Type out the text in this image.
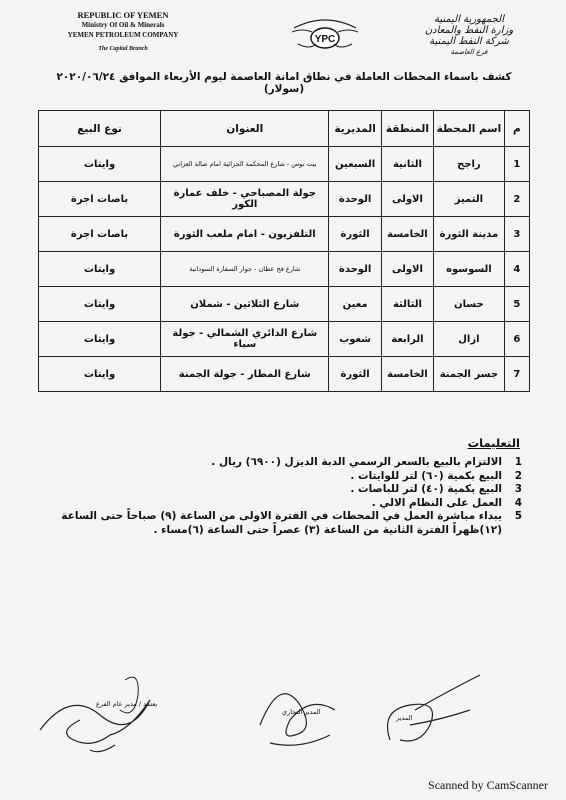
REPUBLIC OF YEMEN
Ministry Of Oil & Minerals
YEMEN PETROLEUM COMPANY
The Capital Branch
YPC
الجمهورية اليمنية
وزارة النفط والمعادن
شركة النفط اليمنية
فرع العاصمة
كشف باسماء المحطات العاملة في نطاق امانة العاصمة ليوم الأربعاء الموافق ٢٠٢٠/٠٦/٢٤ (سولار)
م	اسم المحطة	المنطقة	المديرية	العنوان	نوع البيع
1	راجح	الثانية	السبعين	بيت بوس - شارع المحكمة الجزائية امام صالة العزاني	وايتات
2	التميز	الاولى	الوحدة	جولة المصباحي - خلف عمارة الكور	باصات اجرة
3	مدينة الثورة	الخامسة	الثورة	التلفزيون - امام ملعب الثورة	باصات اجرة
4	السوسوه	الاولى	الوحدة	شارع فج عطان - جوار السفارة السودانية	وايتات
5	حسان	الثالثة	معين	شارع الثلاثين - شملان	وايتات
6	ازال	الرابعة	شعوب	شارع الدائري الشمالي - جولة سباء	وايتات
7	جسر الجمنة	الخامسة	الثورة	شارع المطار - جولة الجمنة	وايتات
التعليمات
1
الالتزام بالبيع بالسعر الرسمي الدبة الديزل (٦٩٠٠) ريال .
2
البيع بكمية (٦٠) لتر للوايتات .
3
البيع بكمية (٤٠) لتر للباصات .
4
العمل على النظام الالي .
5
يبداء مباشرة العمل في المحطات في الفترة الاولى من الساعة (٩) صباحاً حتى الساعة (١٢)ظهراً الفترة الثانية من الساعة (٣) عصراً حتى الساعة (٦)مساء .
يعتمد / مدير عام الفرع
المدير التجاري
المدير
Scanned by CamScanner
